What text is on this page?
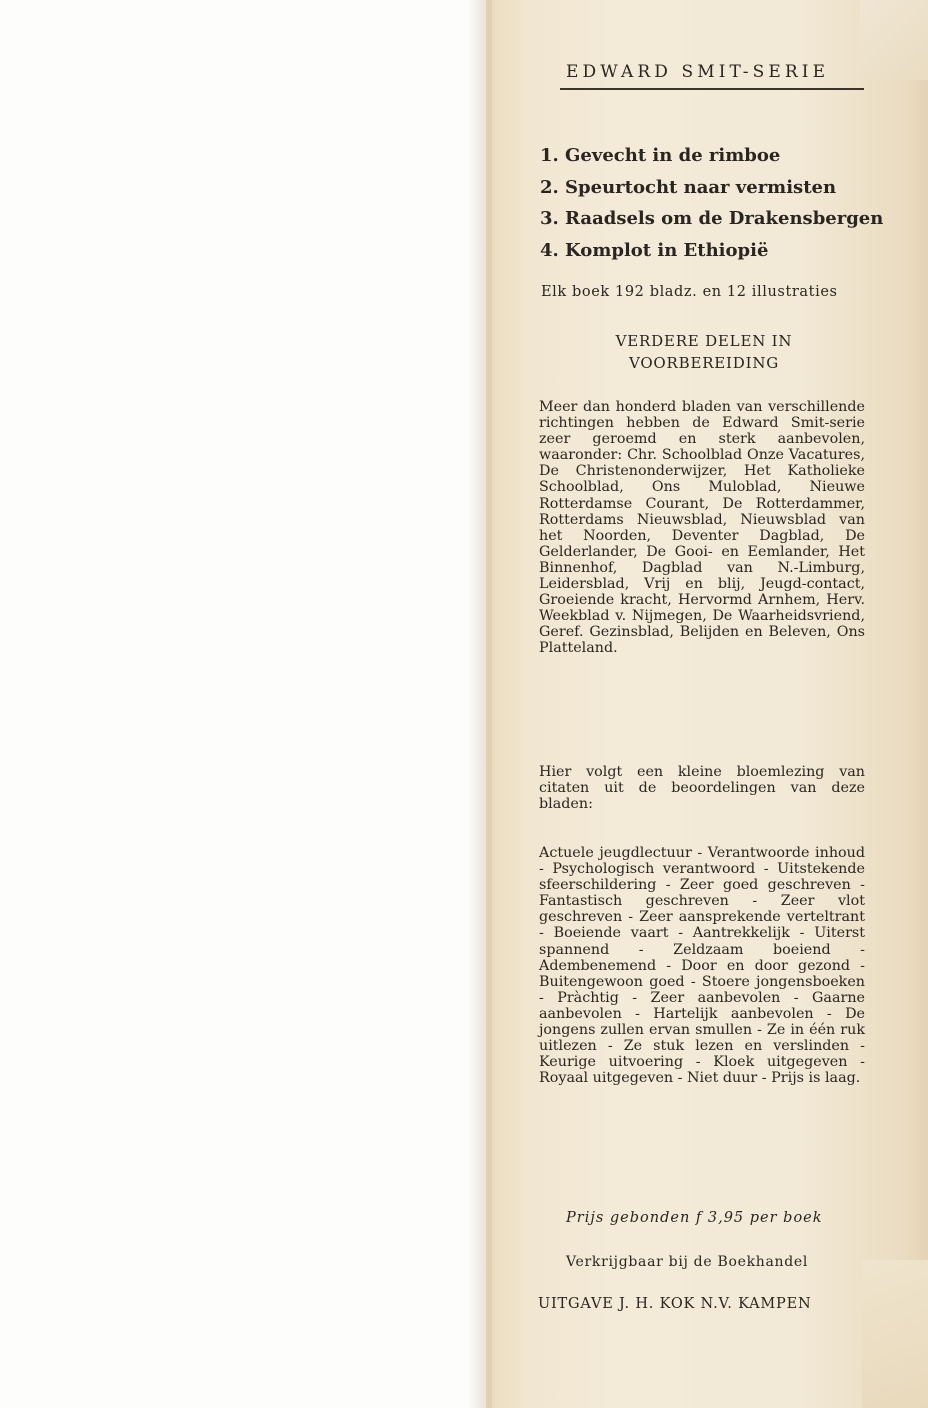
EDWARD SMIT-SERIE
1. Gevecht in de rimboe
2. Speurtocht naar vermisten
3. Raadsels om de Drakensbergen
4. Komplot in Ethiopië
Elk boek 192 bladz. en 12 illustraties
VERDERE DELEN IN VOORBEREIDING

Meer dan honderd bladen van verschillende richtingen hebben de Edward Smit-serie zeer geroemd en sterk aanbevolen, waaronder: Chr. Schoolblad Onze Vacatures, De Christenonderwijzer, Het Katholieke Schoolblad, Ons Muloblad, Nieuwe Rotterdamse Courant, De Rotterdammer, Rotterdams Nieuwsblad, Nieuwsblad van het Noorden, Deventer Dagblad, De Gelderlander, De Gooi- en Eemlander, Het Binnenhof, Dagblad van N.-Limburg, Leidersblad, Vrij en blij, Jeugd-contact, Groeiende kracht, Hervormd Arnhem, Herv. Weekblad v. Nijmegen, De Waarheidsvriend, Geref. Gezinsblad, Belijden en Beleven, Ons Platteland.

Hier volgt een kleine bloemlezing van citaten uit de beoordelingen van deze bladen:

Actuele jeugdlectuur - Verantwoorde inhoud - Psychologisch verantwoord - Uitstekende sfeerschildering - Zeer goed geschreven - Fantastisch geschreven - Zeer vlot geschreven - Zeer aansprekende verteltrant - Boeiende vaart - Aantrekkelijk - Uiterst spannend - Zeldzaam boeiend - Adembenemend - Door en door gezond - Buitengewoon goed - Stoere jongensboeken - Pràchtig - Zeer aanbevolen - Gaarne aanbevolen - Hartelijk aanbevolen - De jongens zullen ervan smullen - Ze in één ruk uitlezen - Ze stuk lezen en verslinden - Keurige uitvoering - Kloek uitgegeven - Royaal uitgegeven - Niet duur - Prijs is laag.

Prijs gebonden f 3,95 per boek
Verkrijgbaar bij de Boekhandel
UITGAVE J. H. KOK N.V. KAMPEN
